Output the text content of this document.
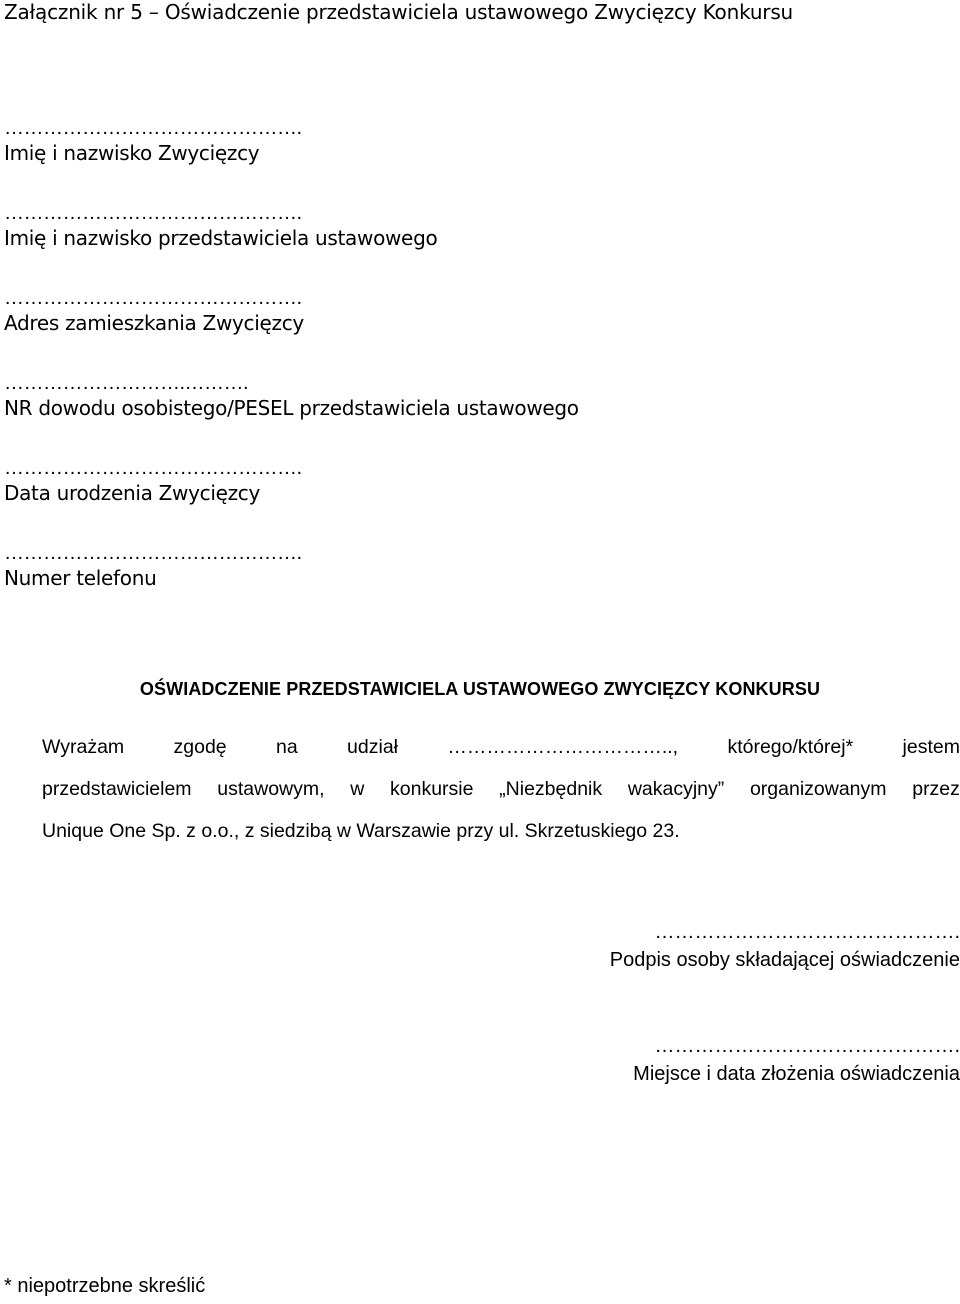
Załącznik nr 5 – Oświadczenie przedstawiciela ustawowego Zwycięzcy Konkursu
……………………………………….
Imię i nazwisko Zwycięzcy
……………………………………….
Imię i nazwisko przedstawiciela ustawowego
……………………………………….
Adres zamieszkania Zwycięzcy
……………………….……….
NR dowodu osobistego/PESEL przedstawiciela ustawowego
……………………………………….
Data urodzenia Zwycięzcy
……………………………………….
Numer telefonu
OŚWIADCZENIE PRZEDSTAWICIELA USTAWOWEGO ZWYCIĘZCY KONKURSU
Wyrażam	zgodę	na	udział	……………………………..,	którego/której*	jestem
przedstawicielem ustawowym, w konkursie „Niezbędnik wakacyjny” organizowanym przez
Unique One Sp. z o.o., z siedzibą w Warszawie przy ul. Skrzetuskiego 23.
……………………………………….
Podpis osoby składającej oświadczenie
……………………………………….
Miejsce i data złożenia oświadczenia
* niepotrzebne skreślić
